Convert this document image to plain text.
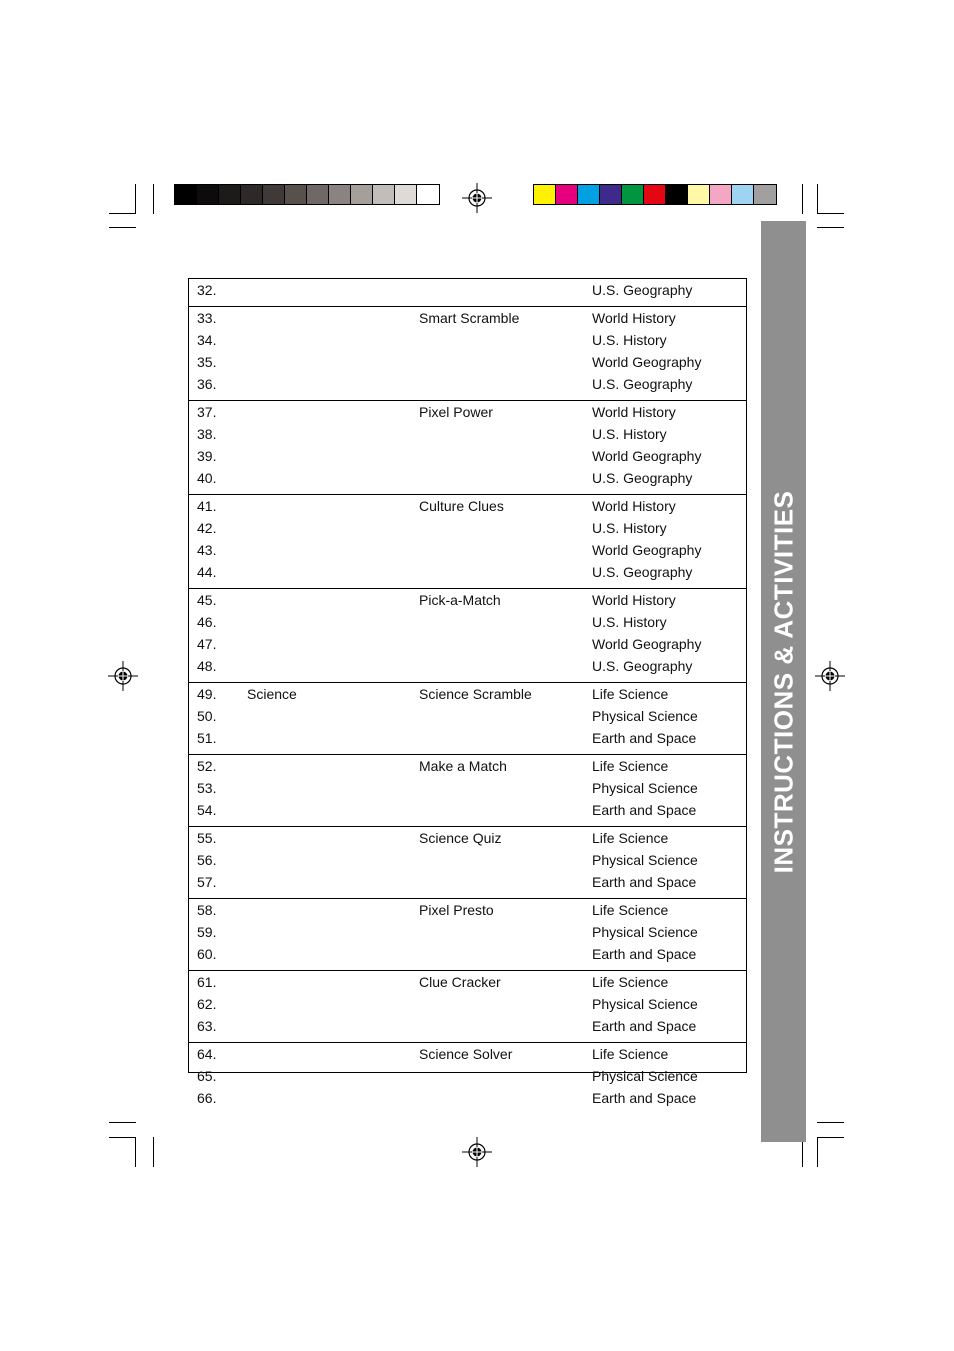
INSTRUCTIONS & ACTIVITIES
32.	U.S. Geography
33.	Smart Scramble	World History
34.	U.S. History
35.	World Geography
36.	U.S. Geography
37.	Pixel Power	World History
38.	U.S. History
39.	World Geography
40.	U.S. Geography
41.	Culture Clues	World History
42.	U.S. History
43.	World Geography
44.	U.S. Geography
45.	Pick-a-Match	World History
46.	U.S. History
47.	World Geography
48.	U.S. Geography
49. Science	Science Scramble	Life Science
50.	Physical Science
51.	Earth and Space
52.	Make a Match	Life Science
53.	Physical Science
54.	Earth and Space
55.	Science Quiz	Life Science
56.	Physical Science
57.	Earth and Space
58.	Pixel Presto	Life Science
59.	Physical Science
60.	Earth and Space
61.	Clue Cracker	Life Science
62.	Physical Science
63.	Earth and Space
64.	Science Solver	Life Science
65.	Physical Science
66.	Earth and Space
